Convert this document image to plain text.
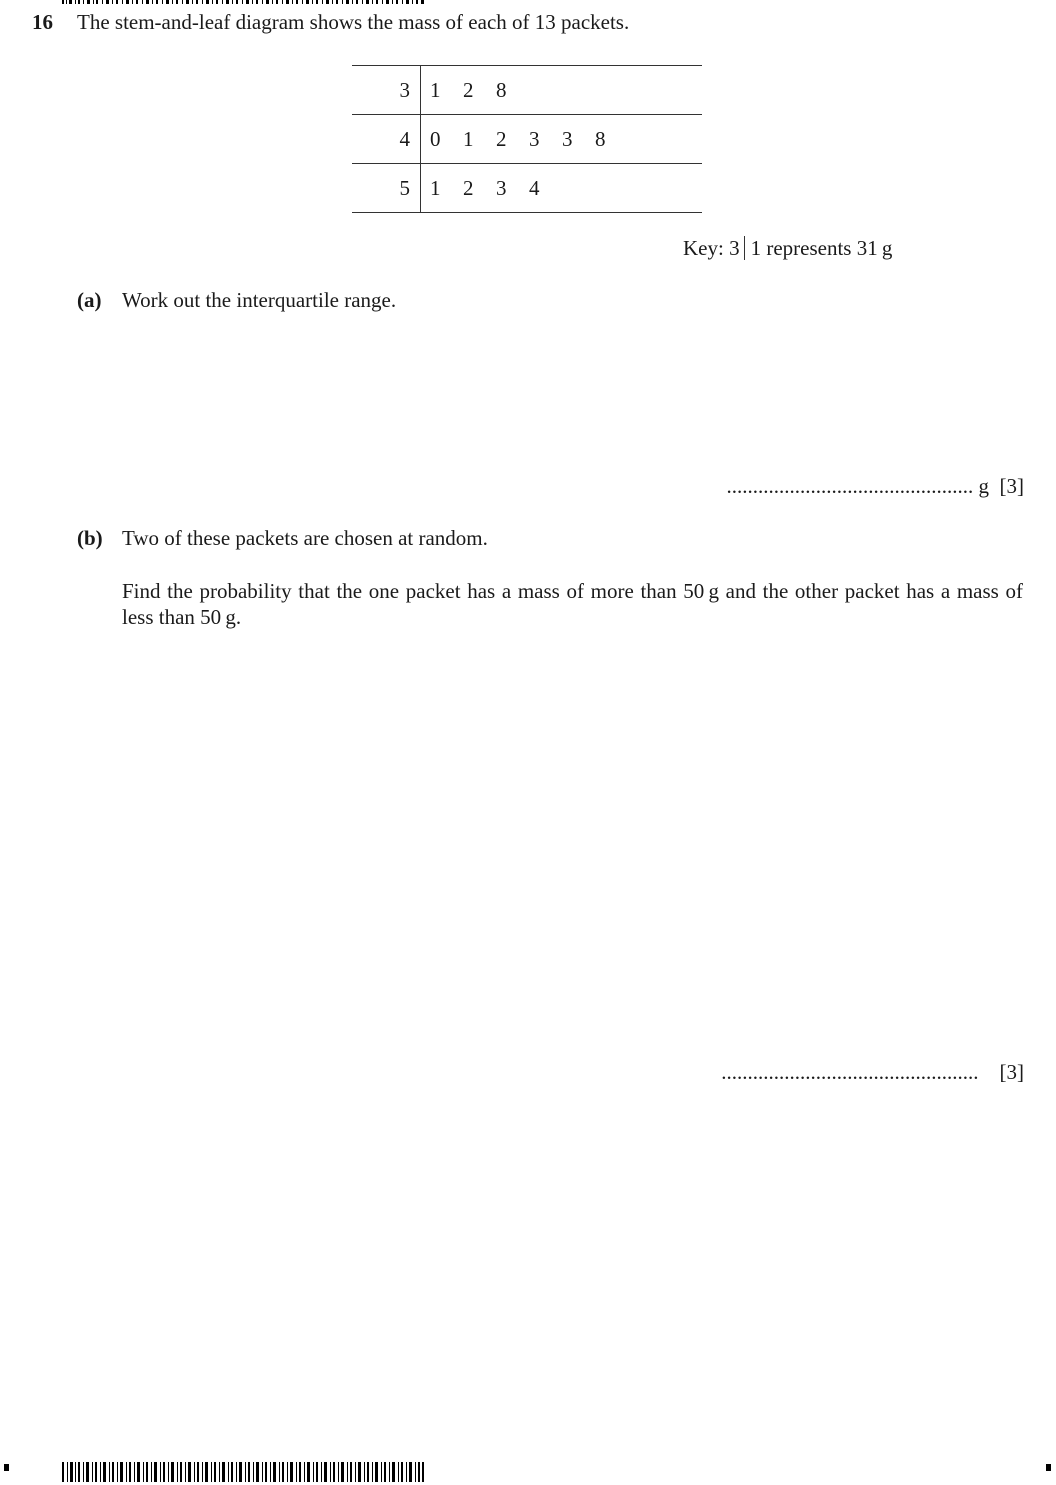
16 The stem-and-leaf diagram shows the mass of each of 13 packets.
3 1 2 8
4 0 1 2 3 3 8
5 1 2 3 4
Key: 3 1 represents 31 g
(a) Work out the interquartile range.
............................................... g [3]
(b) Two of these packets are chosen at random.
Find the probability that the one packet has a mass of more than 50 g and the other packet has a mass of less than 50 g.
................................................. [3]
